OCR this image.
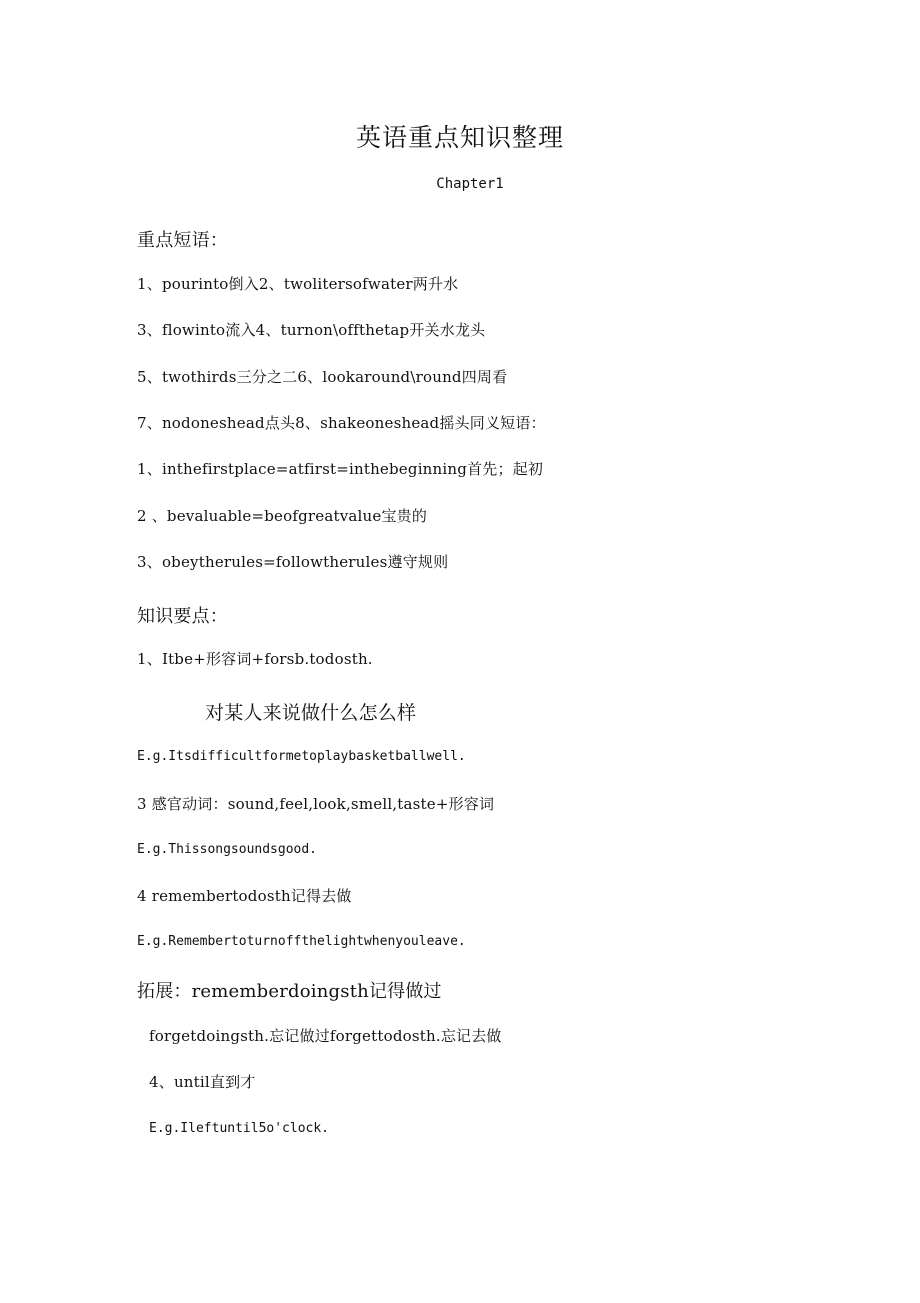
英语重点知识整理
Chapter1
重点短语：
1、pourinto倒入2、twolitersofwater两升水
3、flowinto流入4、turnon\offthetap开关水龙头
5、twothirds三分之二6、lookaround\round四周看
7、nodoneshead点头8、shakeoneshead摇头同义短语：
1、inthefirstplace=atfirst=inthebeginning首先；起初
2 、bevaluable=beofgreatvalue宝贵的
3、obeytherules=followtherules遵守规则
知识要点：
1、Itbe+形容词+forsb.todosth.
对某人来说做什么怎么样
E.g.Itsdifficultformetoplaybasketballwell.
3 感官动词：sound,feel,look,smell,taste+形容词
E.g.Thissongsoundsgood.
4 remembertodosth记得去做
E.g.Remembertoturnoffthelightwhenyouleave.
拓展：rememberdoingsth记得做过
forgetdoingsth.忘记做过forgettodosth.忘记去做
4、until直到才
E.g.Ileftuntil5o'clock.
